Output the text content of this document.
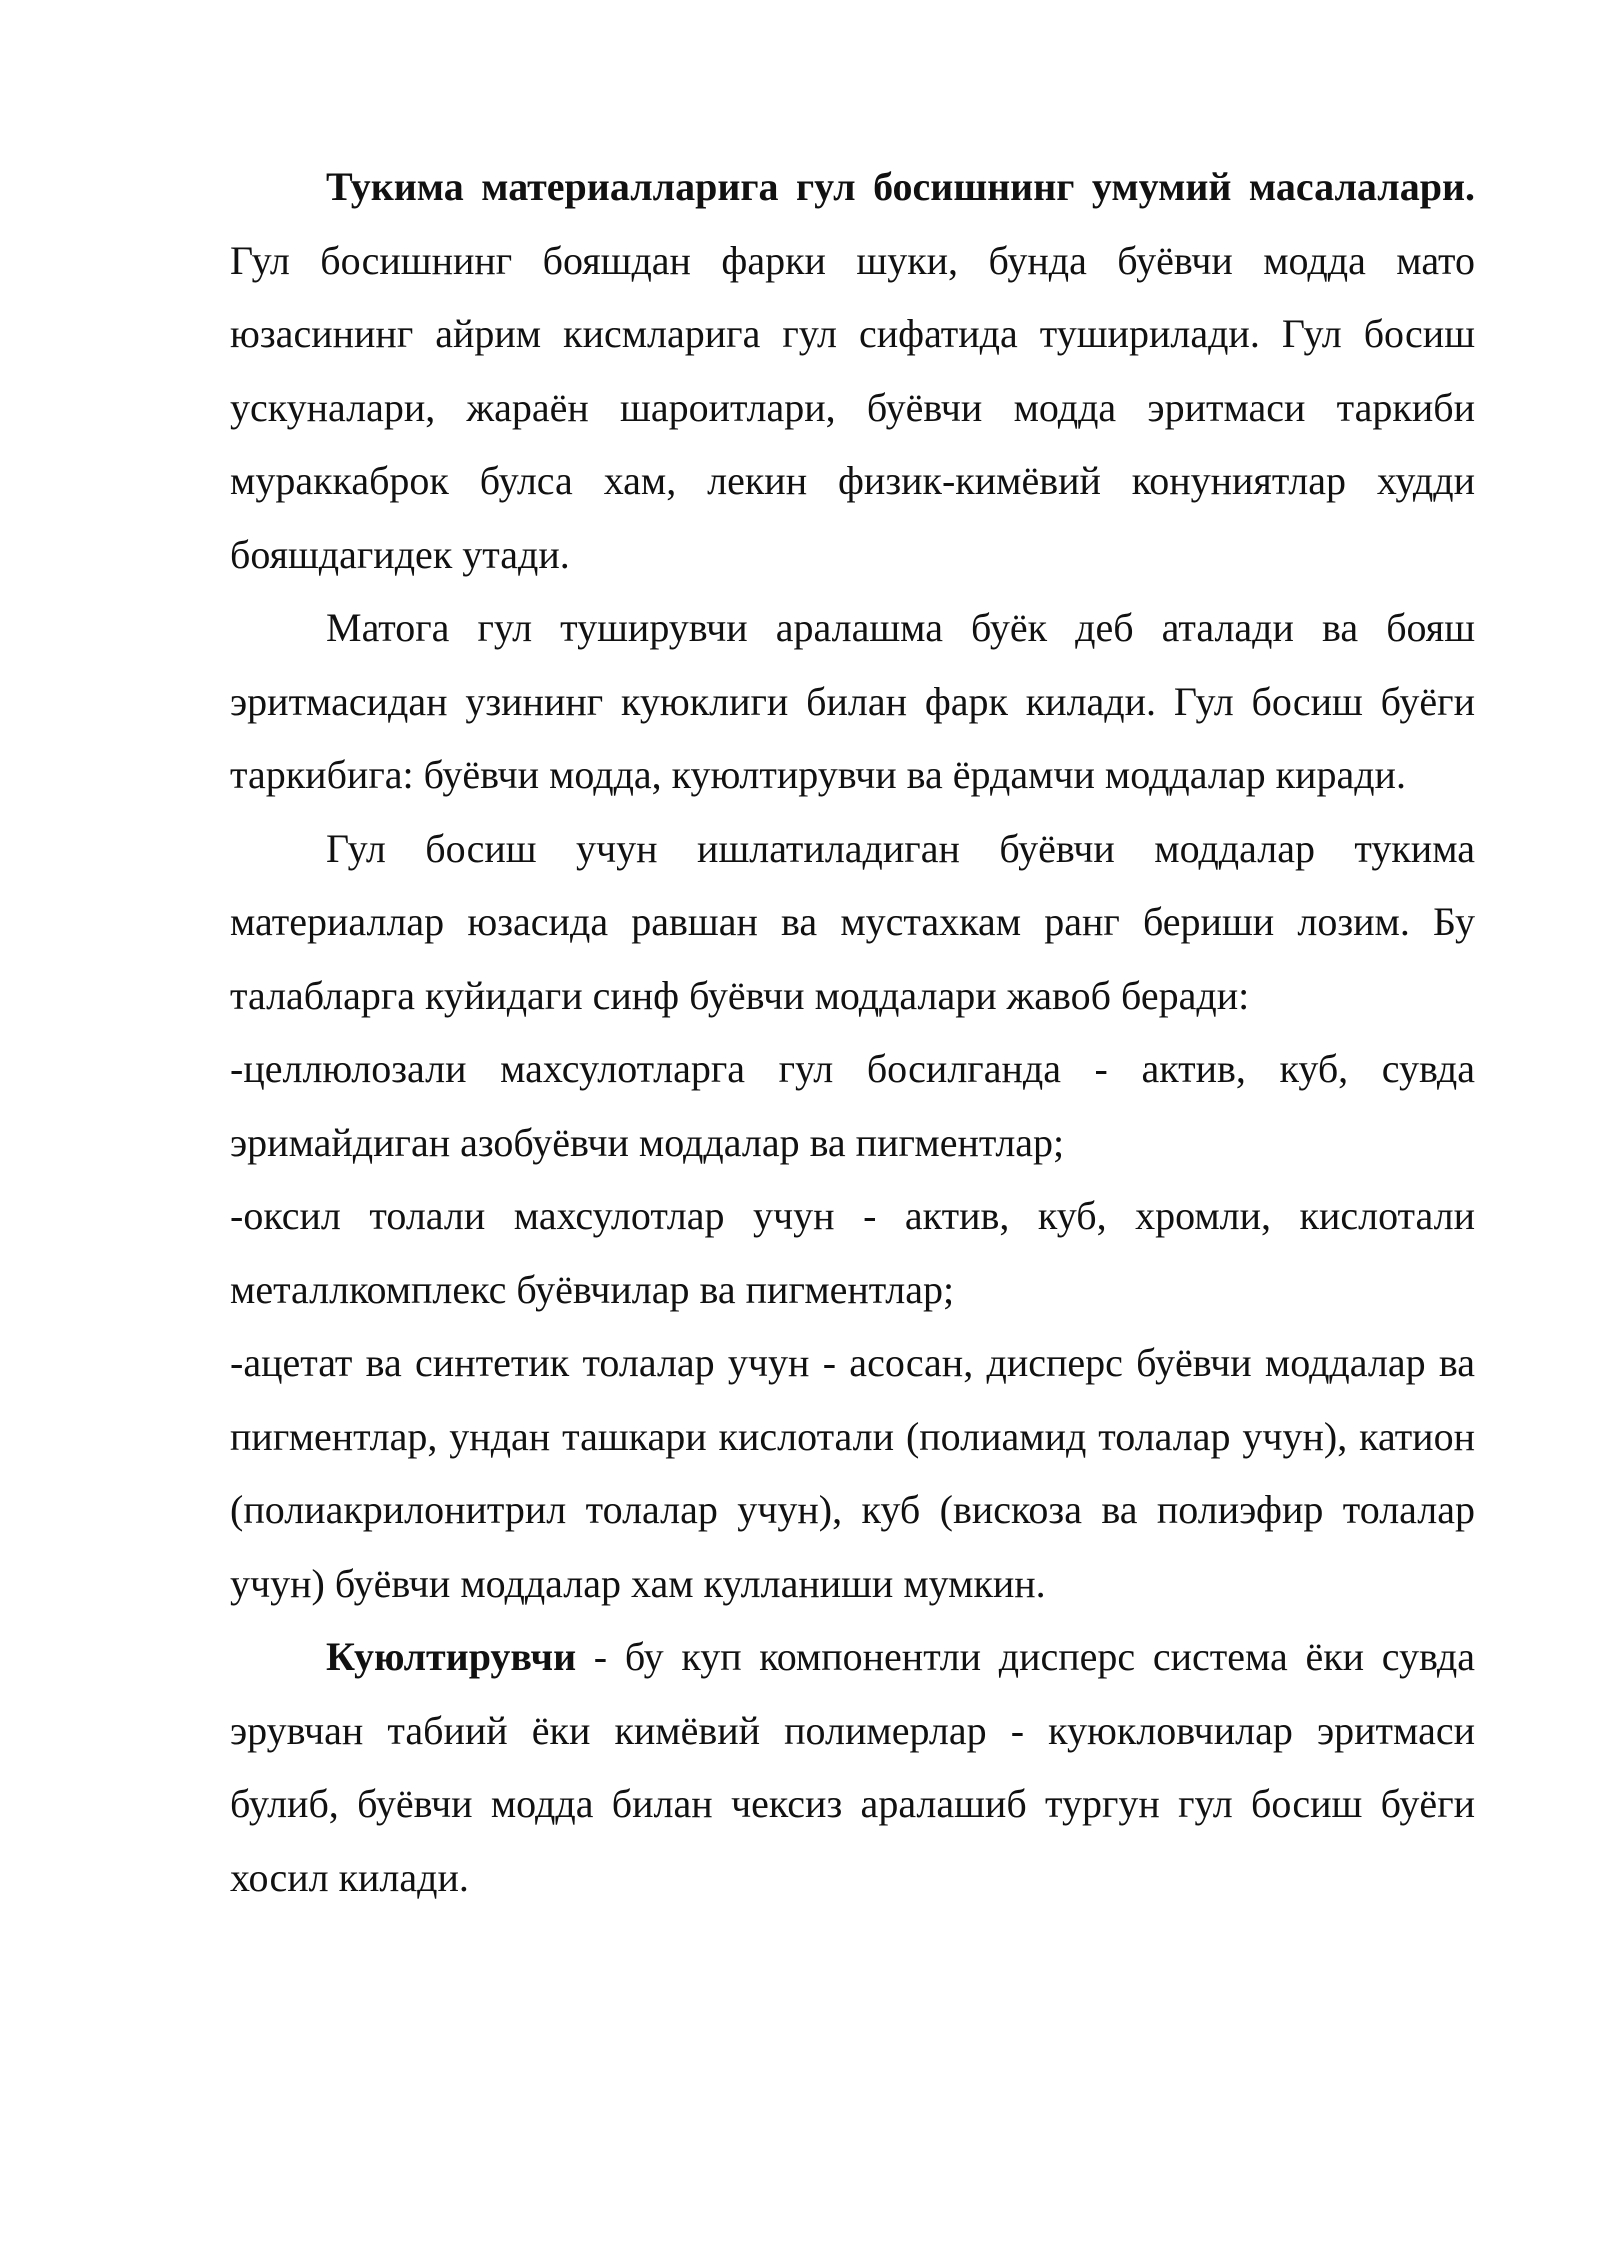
Тукима материалларига гул босишнинг умумий масалалари. Гул босишнинг бояшдан фарки шуки, бунда буёвчи модда мато юзасининг айрим кисмларига гул сифатида туширилади. Гул босиш ускуналари, жараён шароитлари, буёвчи модда эритмаси таркиби мураккаброк булса хам, лекин физик-кимёвий конуниятлар худди бояшдагидек утади.

Матога гул туширувчи аралашма буёк деб аталади ва бояш эритмасидан узининг куюклиги билан фарк килади. Гул босиш буёги таркибига: буёвчи модда, куюлтирувчи ва ёрдамчи моддалар киради.

Гул босиш учун ишлатиладиган буёвчи моддалар тукима материаллар юзасида равшан ва мустахкам ранг бериши лозим. Бу талабларга куйидаги синф буёвчи моддалари жавоб беради:

-целлюлозали махсулотларга гул босилганда - актив, куб, сувда эримайдиган азобуёвчи моддалар ва пигментлар;

-оксил толали махсулотлар учун - актив, куб, хромли, кислотали металлкомплекс буёвчилар ва пигментлар;

-ацетат ва синтетик толалар учун - асосан, дисперс буёвчи моддалар ва пигментлар, ундан ташкари кислотали (полиамид толалар учун), катион (полиакрилонитрил толалар учун), куб (вискоза ва полиэфир толалар учун) буёвчи моддалар хам кулланиши мумкин.

Куюлтирувчи - бу куп компонентли дисперс система ёки сувда эрувчан табиий ёки кимёвий полимерлар - куюкловчилар эритмаси булиб, буёвчи модда билан чексиз аралашиб тургун гул босиш буёги хосил килади.
